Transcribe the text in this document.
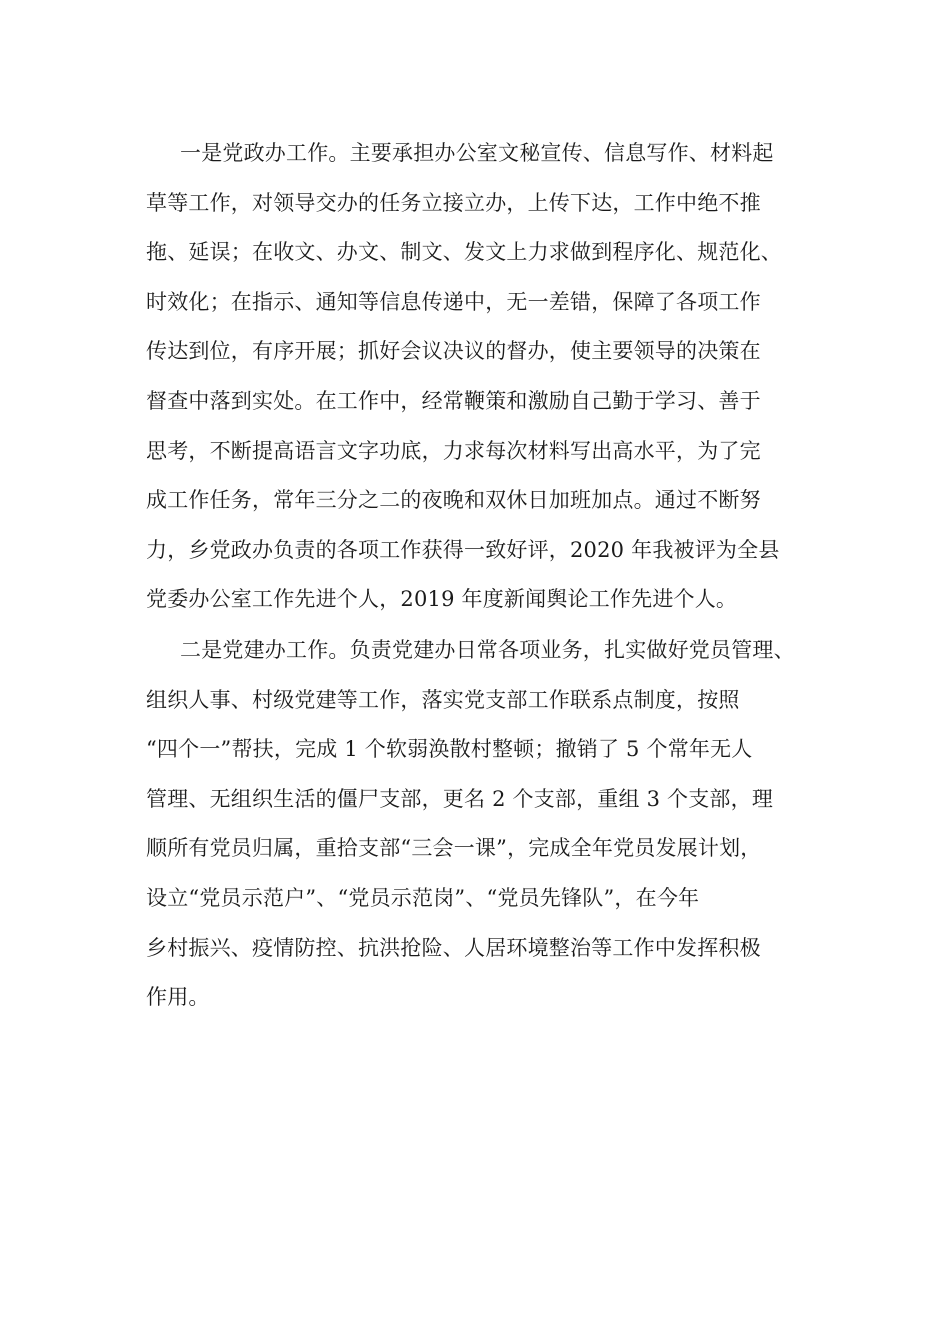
一是党政办工作。主要承担办公室文秘宣传、信息写作、材料起
草等工作，对领导交办的任务立接立办，上传下达，工作中绝不推
拖、延误；在收文、办文、制文、发文上力求做到程序化、规范化、
时效化；在指示、通知等信息传递中，无一差错，保障了各项工作
传达到位，有序开展；抓好会议决议的督办，使主要领导的决策在
督查中落到实处。在工作中，经常鞭策和激励自己勤于学习、善于
思考，不断提高语言文字功底，力求每次材料写出高水平，为了完
成工作任务，常年三分之二的夜晚和双休日加班加点。通过不断努
力，乡党政办负责的各项工作获得一致好评，2020 年我被评为全县
党委办公室工作先进个人，2019 年度新闻舆论工作先进个人。
二是党建办工作。负责党建办日常各项业务，扎实做好党员管理、
组织人事、村级党建等工作，落实党支部工作联系点制度，按照
“四个一”帮扶，完成 1 个软弱涣散村整顿；撤销了 5 个常年无人
管理、无组织生活的僵尸支部，更名 2 个支部，重组 3 个支部，理
顺所有党员归属，重拾支部“三会一课”，完成全年党员发展计划，
设立“党员示范户”、“党员示范岗”、“党员先锋队”，在今年
乡村振兴、疫情防控、抗洪抢险、人居环境整治等工作中发挥积极
作用。
